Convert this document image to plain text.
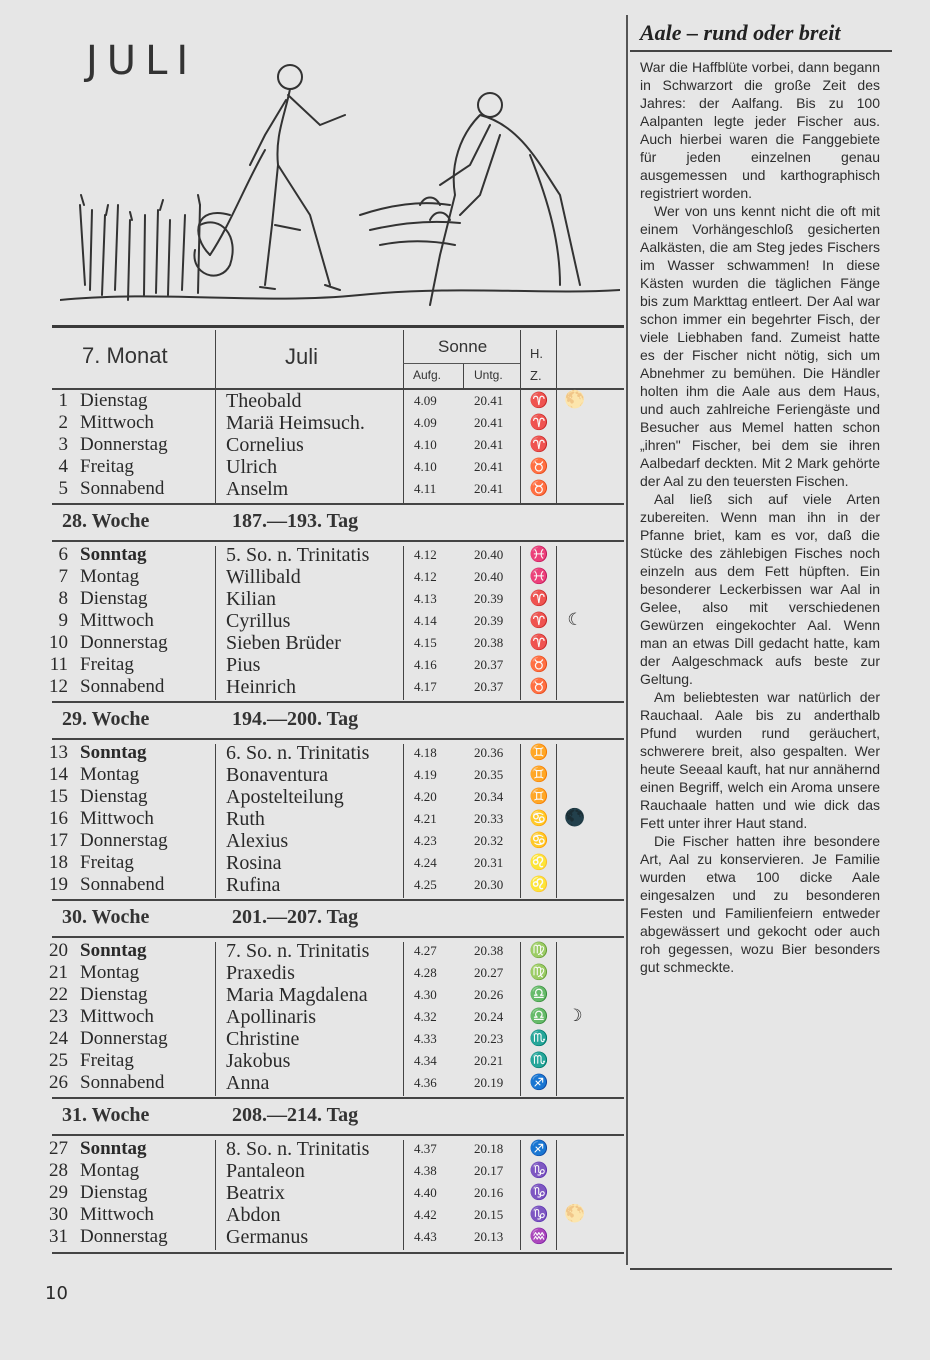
JULI
7. Monat	Juli	Sonne
Aufg.	Untg.
H.
Z.
1 Dienstag	Theobald	4.09	20.41 ♈ 🌕
2 Mittwoch	Mariä Heimsuch.	4.09	20.41 ♈
3 Donnerstag	Cornelius	4.10	20.41 ♈
4 Freitag	Ulrich	4.10	20.41 ♉
5 Sonnabend	Anselm	4.11	20.41 ♉
28. Woche	187.—193. Tag
6 Sonntag	5. So. n. Trinitatis	4.12	20.40 ♓
7 Montag	Willibald	4.12	20.40 ♓
8 Dienstag	Kilian	4.13	20.39 ♈
9 Mittwoch	Cyrillus	4.14	20.39 ♈ ☾
10 Donnerstag	Sieben Brüder	4.15	20.38 ♈
11 Freitag	Pius	4.16	20.37 ♉
12 Sonnabend	Heinrich	4.17	20.37 ♉
29. Woche	194.—200. Tag
13 Sonntag	6. So. n. Trinitatis	4.18	20.36 ♊
14 Montag	Bonaventura	4.19	20.35 ♊
15 Dienstag	Apostelteilung	4.20	20.34 ♊
16 Mittwoch	Ruth	4.21	20.33 ♋ 🌑
17 Donnerstag	Alexius	4.23	20.32 ♋
18 Freitag	Rosina	4.24	20.31 ♌
19 Sonnabend	Rufina	4.25	20.30 ♌
30. Woche	201.—207. Tag
20 Sonntag	7. So. n. Trinitatis	4.27	20.38 ♍
21 Montag	Praxedis	4.28	20.27 ♍
22 Dienstag	Maria Magdalena	4.30	20.26 ♎
23 Mittwoch	Apollinaris	4.32	20.24 ♎ ☽
24 Donnerstag	Christine	4.33	20.23 ♏
25 Freitag	Jakobus	4.34	20.21 ♏
26 Sonnabend	Anna	4.36	20.19 ♐
31. Woche	208.—214. Tag
27 Sonntag	8. So. n. Trinitatis	4.37	20.18 ♐
28 Montag	Pantaleon	4.38	20.17 ♑
29 Dienstag	Beatrix	4.40	20.16 ♑
30 Mittwoch	Abdon	4.42	20.15 ♑ 🌕
31 Donnerstag	Germanus	4.43	20.13 ♒
Aale – rund oder breit

War die Haffblüte vorbei, dann begann in Schwarzort die große Zeit des Jahres: der Aalfang. Bis zu 100 Aalpanten legte jeder Fischer aus. Auch hierbei waren die Fanggebiete für jeden einzelnen genau ausgemessen und karthographisch registriert worden.

Wer von uns kennt nicht die oft mit einem Vorhängeschloß gesicherten Aalkästen, die am Steg jedes Fischers im Wasser schwammen! In diese Kästen wurden die täglichen Fänge bis zum Markttag entleert. Der Aal war schon immer ein begehrter Fisch, der viele Liebhaben fand. Zumeist hatte es der Fischer nicht nötig, sich um Abnehmer zu bemühen. Die Händler holten ihm die Aale aus dem Haus, und auch zahlreiche Feriengäste und Besucher aus Memel hatten schon „ihren" Fischer, bei dem sie ihren Aalbedarf deckten. Mit 2 Mark gehörte der Aal zu den teuersten Fischen.

Aal ließ sich auf viele Arten zubereiten. Wenn man ihn in der Pfanne briet, kam es vor, daß die Stücke des zählebigen Fisches noch einzeln aus dem Fett hüpften. Ein besonderer Leckerbissen war Aal in Gelee, also mit verschiedenen Gewürzen eingekochter Aal. Wenn man an etwas Dill gedacht hatte, kam der Aalgeschmack aufs beste zur Geltung.

Am beliebtesten war natürlich der Rauchaal. Aale bis zu anderthalb Pfund wurden rund geräuchert, schwerere breit, also gespalten. Wer heute Seeaal kauft, hat nur annähernd einen Begriff, welch ein Aroma unsere Rauchaale hatten und wie dick das Fett unter ihrer Haut stand.

Die Fischer hatten ihre besondere Art, Aal zu konservieren. Je Familie wurden etwa 100 dicke Aale eingesalzen und zu besonderen Festen und Familienfeiern entweder abgewässert und gekocht oder auch roh gegessen, wozu Bier besonders gut schmeckte.

10
